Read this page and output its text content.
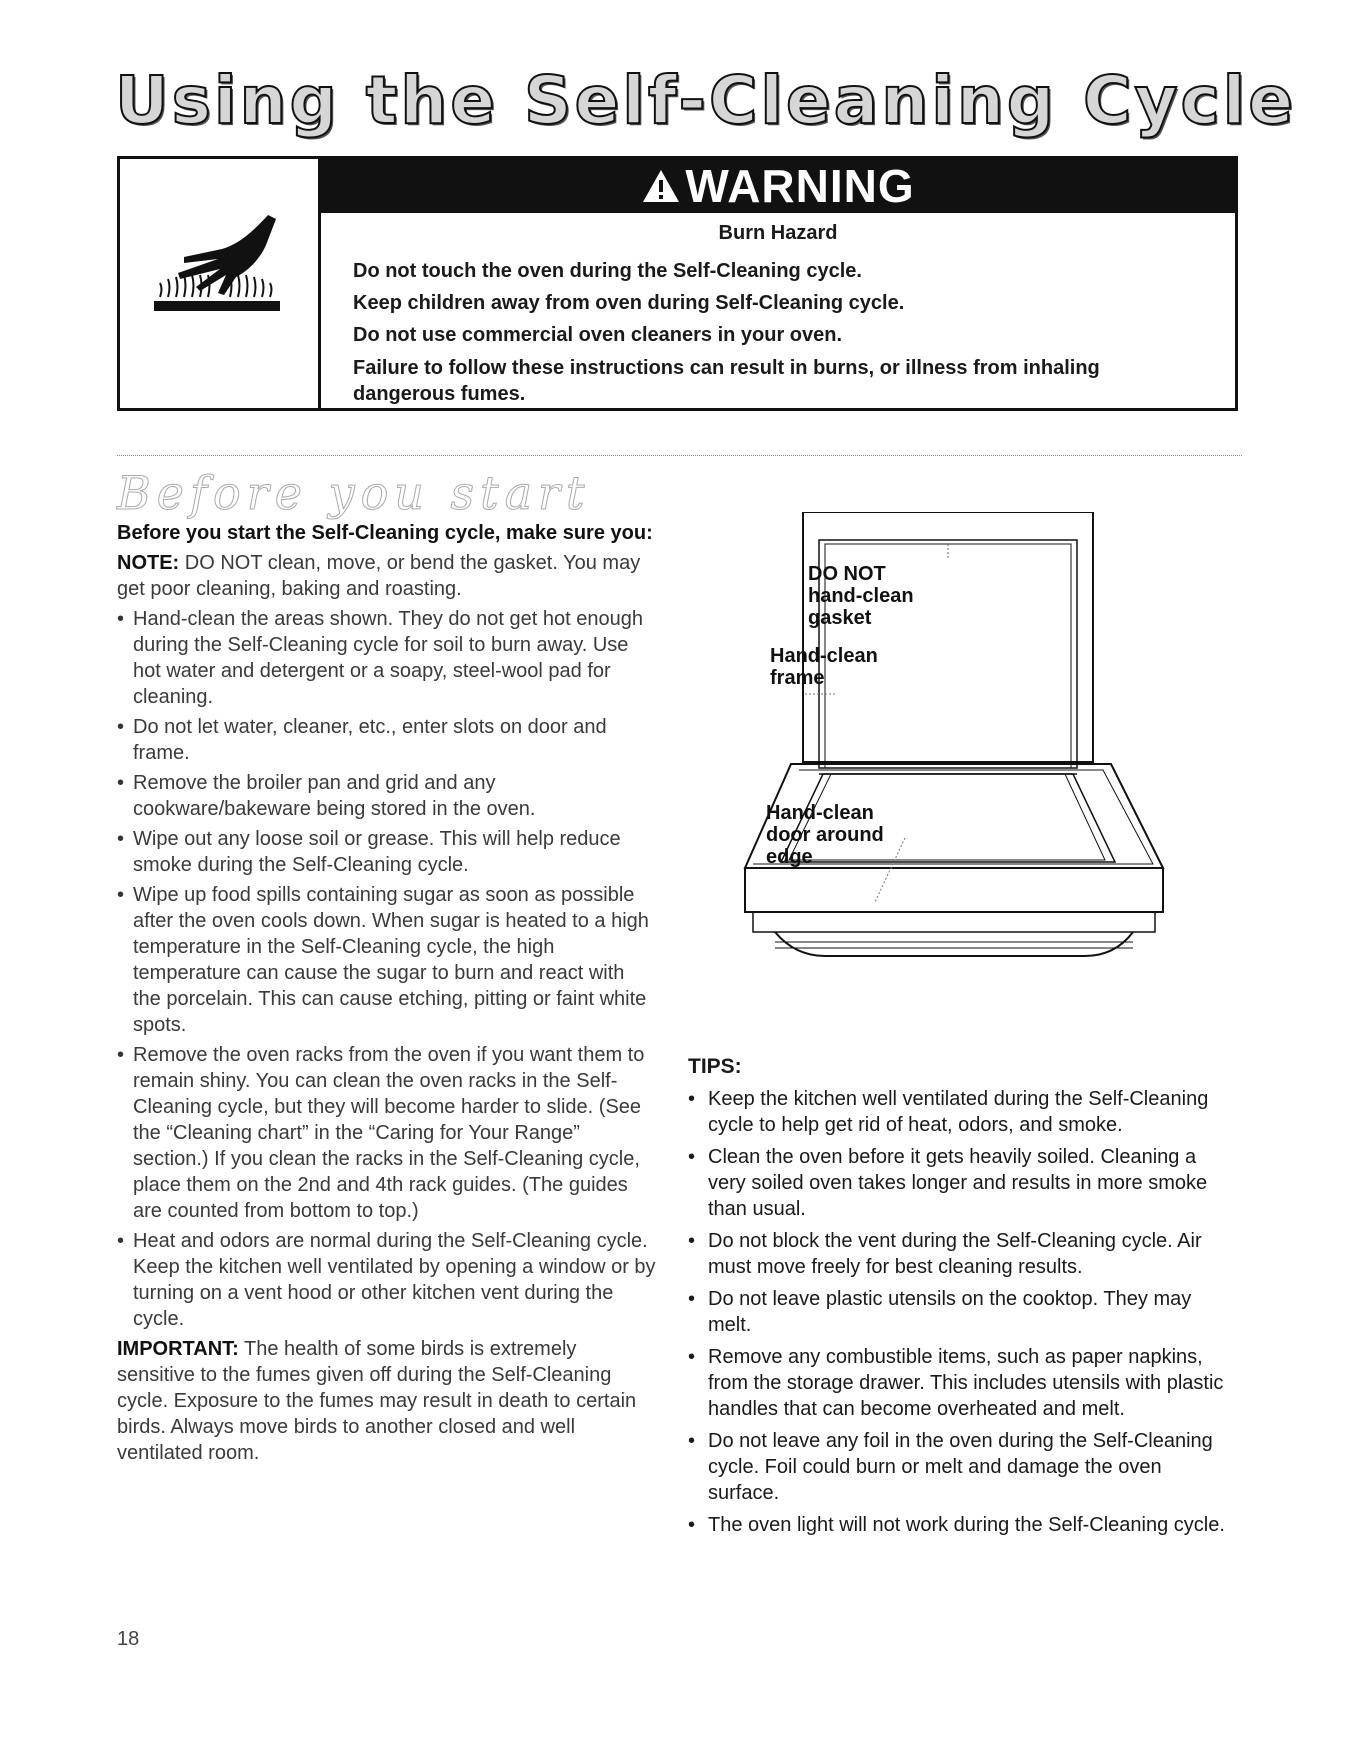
Using the Self-Cleaning Cycle
WARNING
Burn Hazard
Do not touch the oven during the Self-Cleaning cycle.
Keep children away from oven during Self-Cleaning cycle.
Do not use commercial oven cleaners in your oven.
Failure to follow these instructions can result in burns, or illness from inhaling dangerous fumes.
Before you start

Before you start the Self-Cleaning cycle, make sure you:

NOTE: DO NOT clean, move, or bend the gasket. You may get poor cleaning, baking and roasting.

• Hand-clean the areas shown. They do not get hot enough during the Self-Cleaning cycle for soil to burn away. Use hot water and detergent or a soapy, steel-wool pad for cleaning.
• Do not let water, cleaner, etc., enter slots on door and frame.
• Remove the broiler pan and grid and any cookware/bakeware being stored in the oven.
• Wipe out any loose soil or grease. This will help reduce smoke during the Self-Cleaning cycle.
• Wipe up food spills containing sugar as soon as possible after the oven cools down. When sugar is heated to a high temperature in the Self-Cleaning cycle, the high temperature can cause the sugar to burn and react with the porcelain. This can cause etching, pitting or faint white spots.
• Remove the oven racks from the oven if you want them to remain shiny. You can clean the oven racks in the Self-Cleaning cycle, but they will become harder to slide. (See the “Cleaning chart” in the “Caring for Your Range” section.) If you clean the racks in the Self-Cleaning cycle, place them on the 2nd and 4th rack guides. (The guides are counted from bottom to top.)
• Heat and odors are normal during the Self-Cleaning cycle. Keep the kitchen well ventilated by opening a window or by turning on a vent hood or other kitchen vent during the cycle.

IMPORTANT: The health of some birds is extremely sensitive to the fumes given off during the Self-Cleaning cycle. Exposure to the fumes may result in death to certain birds. Always move birds to another closed and well ventilated room.

DO NOT
hand-clean
gasket
Hand-clean
frame
Hand-clean
door around
edge
TIPS:
• Keep the kitchen well ventilated during the Self-Cleaning cycle to help get rid of heat, odors, and smoke.
• Clean the oven before it gets heavily soiled. Cleaning a very soiled oven takes longer and results in more smoke than usual.
• Do not block the vent during the Self-Cleaning cycle. Air must move freely for best cleaning results.
• Do not leave plastic utensils on the cooktop. They may melt.
• Remove any combustible items, such as paper napkins, from the storage drawer. This includes utensils with plastic handles that can become overheated and melt.
• Do not leave any foil in the oven during the Self-Cleaning cycle. Foil could burn or melt and damage the oven surface.
• The oven light will not work during the Self-Cleaning cycle.
18
